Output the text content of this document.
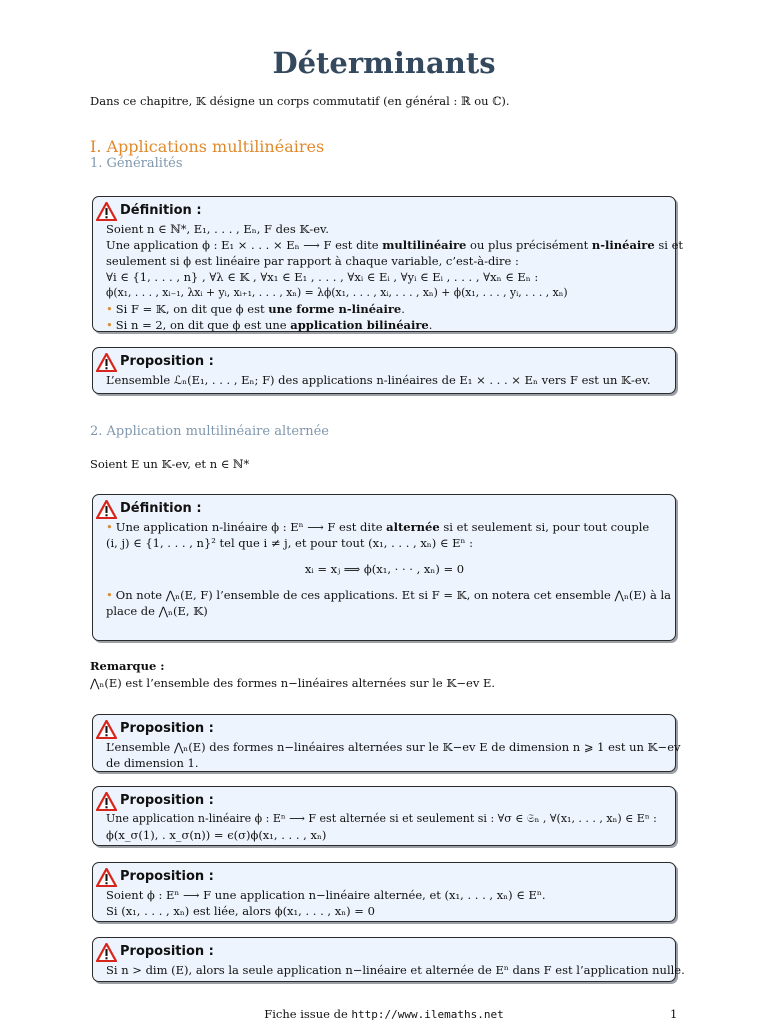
Déterminants
Dans ce chapitre, 𝕂 désigne un corps commutatif (en général : ℝ ou ℂ).
I. Applications multilinéaires
1. Généralités
Définition :
Soient n ∈ ℕ*, E₁, . . . , Eₙ, F des 𝕂-ev.
Une application ϕ : E₁ × . . . × Eₙ ⟶ F est dite multilinéaire ou plus précisément n-linéaire si et
seulement si ϕ est linéaire par rapport à chaque variable, c’est-à-dire :
∀i ∈ {1, . . . , n} , ∀λ ∈ 𝕂 , ∀x₁ ∈ E₁ , . . . , ∀xᵢ ∈ Eᵢ , ∀yᵢ ∈ Eᵢ , . . . , ∀xₙ ∈ Eₙ :
ϕ(x₁, . . . , xᵢ₋₁, λxᵢ + yᵢ, xᵢ₊₁, . . . , xₙ) = λϕ(x₁, . . . , xᵢ, . . . , xₙ) + ϕ(x₁, . . . , yᵢ, . . . , xₙ)
• Si F = 𝕂, on dit que ϕ est une forme n-linéaire.
• Si n = 2, on dit que ϕ est une application bilinéaire.
Proposition :
L’ensemble ℒₙ(E₁, . . . , Eₙ; F) des applications n-linéaires de E₁ × . . . × Eₙ vers F est un 𝕂-ev.
2. Application multilinéaire alternée
Soient E un 𝕂-ev, et n ∈ ℕ*
Définition :
• Une application n-linéaire ϕ : Eⁿ ⟶ F est dite alternée si et seulement si, pour tout couple
(i, j) ∈ {1, . . . , n}² tel que i ≠ j, et pour tout (x₁, . . . , xₙ) ∈ Eⁿ :
xᵢ = xⱼ ⟹ ϕ(x₁, · · · , xₙ) = 0
• On note ⋀ₙ(E, F) l’ensemble de ces applications. Et si F = 𝕂, on notera cet ensemble ⋀ₙ(E) à la
place de ⋀ₙ(E, 𝕂)
Remarque :
⋀ₙ(E) est l’ensemble des formes n−linéaires alternées sur le 𝕂−ev E.
Proposition :
L’ensemble ⋀ₙ(E) des formes n−linéaires alternées sur le 𝕂−ev E de dimension n ⩾ 1 est un 𝕂−ev
de dimension 1.
Proposition :
Une application n-linéaire ϕ : Eⁿ ⟶ F est alternée si et seulement si : ∀σ ∈ 𝔖ₙ , ∀(x₁, . . . , xₙ) ∈ Eⁿ :
ϕ(x_σ(1), . x_σ(n)) = ϵ(σ)ϕ(x₁, . . . , xₙ)
Proposition :
Soient ϕ : Eⁿ ⟶ F une application n−linéaire alternée, et (x₁, . . . , xₙ) ∈ Eⁿ.
Si (x₁, . . . , xₙ) est liée, alors ϕ(x₁, . . . , xₙ) = 0
Proposition :
Si n > dim (E), alors la seule application n−linéaire et alternée de Eⁿ dans F est l’application nulle.
Fiche issue de http://www.ilemaths.net	1
